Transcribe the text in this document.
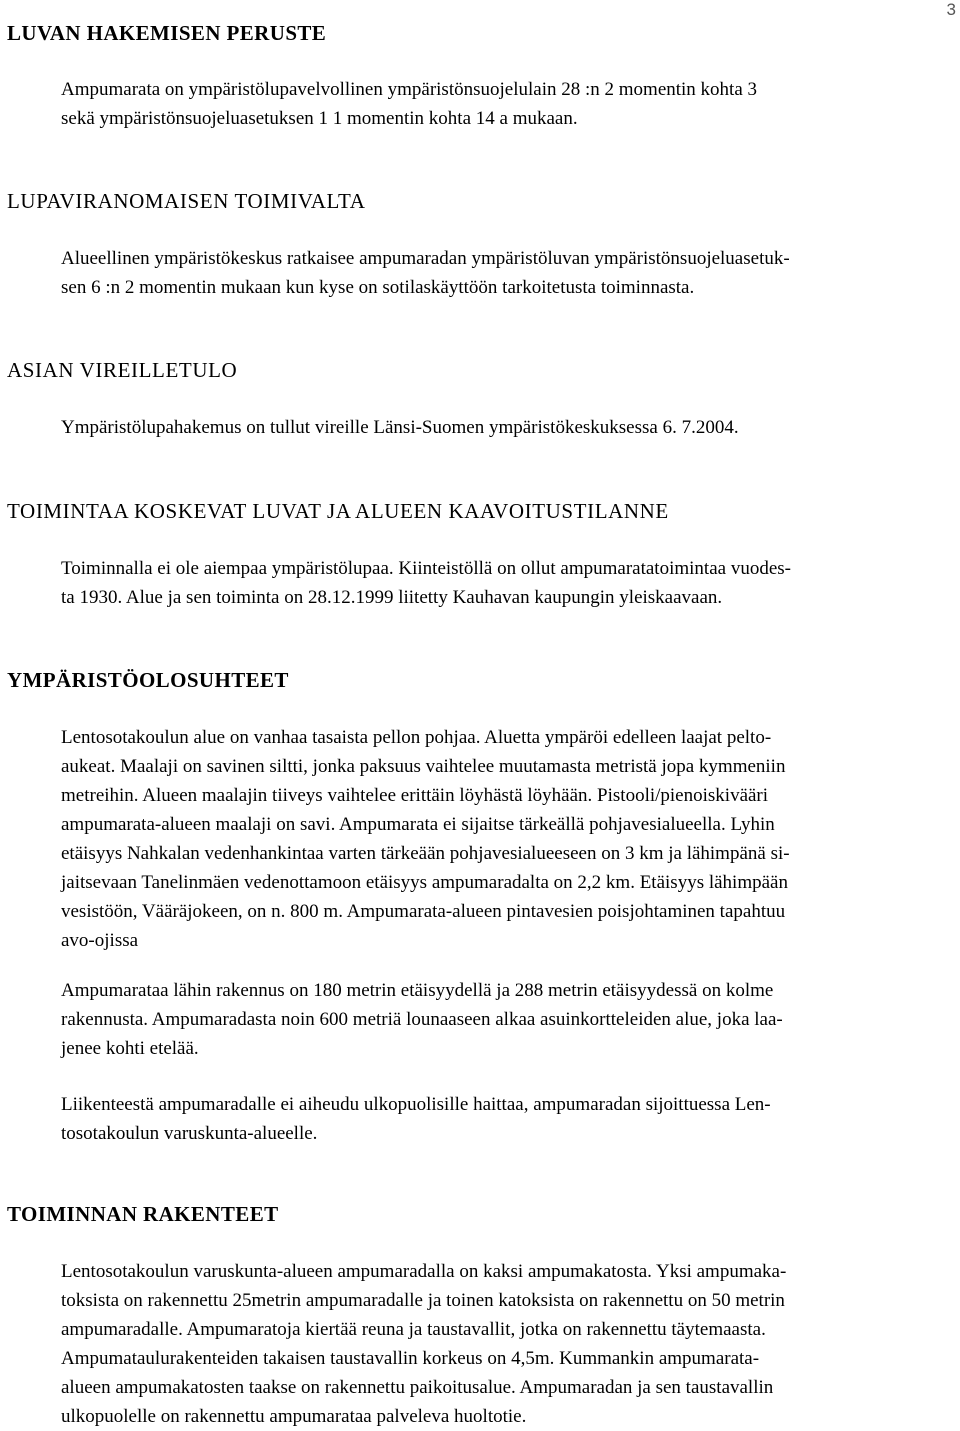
3
LUVAN HAKEMISEN PERUSTE
Ampumarata on ympäristölupavelvollinen ympäristönsuojelulain 28 :n 2 momentin kohta 3
sekä ympäristönsuojeluasetuksen 1 1 momentin kohta 14 a mukaan.
LUPAVIRANOMAISEN TOIMIVALTA
Alueellinen ympäristökeskus ratkaisee ampumaradan ympäristöluvan ympäristönsuojeluasetuk-
sen 6 :n 2 momentin mukaan kun kyse on sotilaskäyttöön tarkoitetusta toiminnasta.
ASIAN VIREILLETULO
Ympäristölupahakemus on tullut vireille Länsi-Suomen ympäristökeskuksessa 6. 7.2004.
TOIMINTAA KOSKEVAT LUVAT JA ALUEEN KAAVOITUSTILANNE
Toiminnalla ei ole aiempaa ympäristölupaa. Kiinteistöllä on ollut ampumaratatoimintaa vuodes-
ta 1930. Alue ja sen toiminta on 28.12.1999 liitetty Kauhavan kaupungin yleiskaavaan.
YMPÄRISTÖOLOSUHTEET
Lentosotakoulun alue on vanhaa tasaista pellon pohjaa. Aluetta ympäröi edelleen laajat pelto-
aukeat. Maalaji on savinen siltti, jonka paksuus vaihtelee muutamasta metristä jopa kymmeniin
metreihin. Alueen maalajin tiiveys vaihtelee erittäin löyhästä löyhään. Pistooli/pienoiskivääri
ampumarata-alueen maalaji on savi. Ampumarata ei sijaitse tärkeällä pohjavesialueella. Lyhin
etäisyys Nahkalan vedenhankintaa varten tärkeään pohjavesialueeseen on 3 km ja lähimpänä si-
jaitsevaan Tanelinmäen vedenottamoon etäisyys ampumaradalta on 2,2 km. Etäisyys lähimpään
vesistöön, Vääräjokeen, on n. 800 m. Ampumarata-alueen pintavesien poisjohtaminen tapahtuu
avo-ojissa
Ampumarataa lähin rakennus on 180 metrin etäisyydellä ja 288 metrin etäisyydessä on kolme
rakennusta. Ampumaradasta noin 600 metriä lounaaseen alkaa asuinkortteleiden alue, joka laa-
jenee kohti etelää.
Liikenteestä ampumaradalle ei aiheudu ulkopuolisille haittaa, ampumaradan sijoittuessa Len-
tosotakoulun varuskunta-alueelle.
TOIMINNAN RAKENTEET
Lentosotakoulun varuskunta-alueen ampumaradalla on kaksi ampumakatosta. Yksi ampumaka-
toksista on rakennettu 25metrin ampumaradalle ja toinen katoksista on rakennettu on 50 metrin
ampumaradalle. Ampumaratoja kiertää reuna ja taustavallit, jotka on rakennettu täytemaasta.
Ampumataulurakenteiden takaisen taustavallin korkeus on 4,5m. Kummankin ampumarata-
alueen ampumakatosten taakse on rakennettu paikoitusalue. Ampumaradan ja sen taustavallin
ulkopuolelle on rakennettu ampumarataa palveleva huoltotie.
